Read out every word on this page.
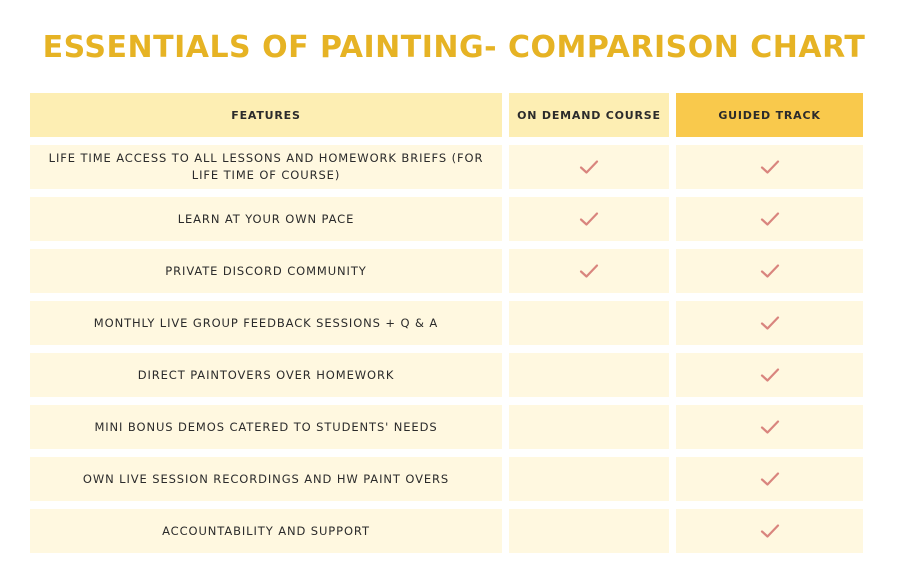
ESSENTIALS OF PAINTING- COMPARISON CHART
FEATURES	ON DEMAND COURSE	GUIDED TRACK
LIFE TIME ACCESS TO ALL LESSONS AND HOMEWORK BRIEFS (FOR LIFE TIME OF COURSE)
LEARN AT YOUR OWN PACE
PRIVATE DISCORD COMMUNITY
MONTHLY LIVE GROUP FEEDBACK SESSIONS + Q & A
DIRECT PAINTOVERS OVER HOMEWORK
MINI BONUS DEMOS CATERED TO STUDENTS' NEEDS
OWN LIVE SESSION RECORDINGS AND HW PAINT OVERS
ACCOUNTABILITY AND SUPPORT
